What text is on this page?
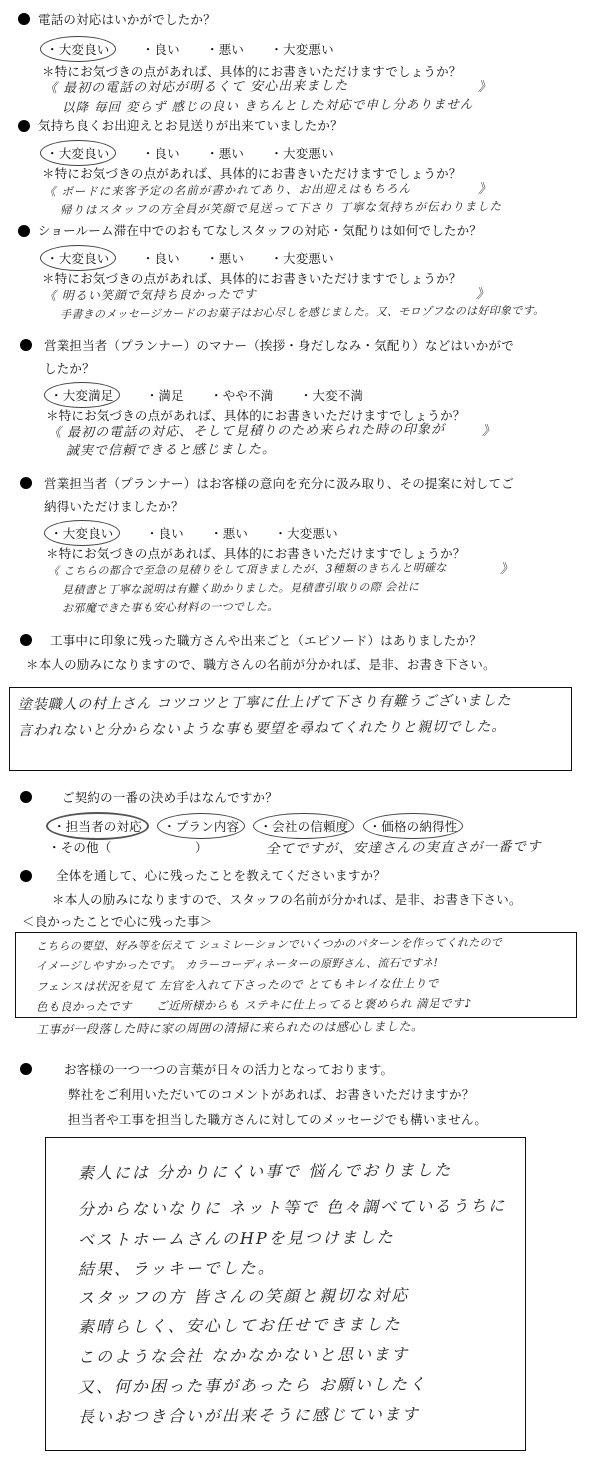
電話の対応はいかがでしたか？
・大変良い	・良い ・悪い ・大変悪い
＊特にお気づきの点があれば、具体的にお書きいただけますでしょうか？
《 最初の電話の対応が明るくて 安心出来ました	》
以降 毎回 変らず 感じの良い きちんとした対応で申し分ありません
気持ち良くお出迎えとお見送りが出来ていましたか？
・大変良い	・良い ・悪い ・大変悪い
＊特にお気づきの点があれば、具体的にお書きいただけますでしょうか？
《 ボードに来客予定の名前が書かれてあり、お出迎えはもちろん	》
帰りはスタッフの方全員が笑顔で見送って下さり 丁寧な気持ちが伝わりました
ショールーム滞在中でのおもてなしスタッフの対応・気配りは如何でしたか？
・大変良い	・良い ・悪い ・大変悪い
＊特にお気づきの点があれば、具体的にお書きいただけますでしょうか？
《 明るい笑顔で気持ち良かったです	》
手書きのメッセージカードのお菓子はお心尽しを感じました。又、モロゾフなのは好印象です。
営業担当者（プランナー）のマナー（挨拶・身だしなみ・気配り）などはいかがで
したか？
・大変満足	・満足 ・やや不満 ・大変不満
＊特にお気づきの点があれば、具体的にお書きいただけますでしょうか？
《 最初の電話の対応、そして見積りのため来られた時の印象が	》
誠実で信頼できると感じました。
営業担当者（プランナー）はお客様の意向を充分に汲み取り、その提案に対してご
納得いただけましたか？
・大変良い	・良い ・悪い ・大変悪い
＊特にお気づきの点があれば、具体的にお書きいただけますでしょうか？
《 こちらの都合で至急の見積りをして頂きましたが、3種類のきちんと明確な	》
見積書と丁寧な説明は有難く助かりました。見積書引取りの際 会社に
お邪魔できた事も安心材料の一つでした。
工事中に印象に残った職方さんや出来ごと（エピソード）はありましたか？
＊本人の励みになりますので、職方さんの名前が分かれば、是非、お書き下さい。
塗装職人の村上さん コツコツと丁寧に仕上げて下さり有難うございました
言われないと分からないような事も要望を尋ねてくれたりと親切でした。
ご契約の一番の決め手はなんですか？
・担当者の対応 ・プラン内容 ・会社の信頼度 ・価格の納得性
・その他（	）	全てですが、安達さんの実直さが一番です
全体を通して、心に残ったことを教えてくださいますか？
＊本人の励みになりますので、スタッフの名前が分かれば、是非、お書き下さい。
＜良かったことで心に残った事＞
こちらの要望、好み等を伝えて シュミレーションでいくつかのパターンを作ってくれたので
イメージしやすかったです。 カラーコーディネーターの原野さん、流石ですネ!
フェンスは状況を見て 左官を入れて下さったので とてもキレイな仕上りで
色も良かったです　　ご近所様からも ステキに仕上ってると褒められ 満足です♪
工事が一段落した時に家の周囲の清掃に来られたのは感心しました。
お客様の一つ一つの言葉が日々の活力となっております。
弊社をご利用いただいてのコメントがあれば、お書きいただけますか？
担当者や工事を担当した職方さんに対してのメッセージでも構いません。
素人には 分かりにくい事で 悩んでおりました
分からないなりに ネット等で 色々調べているうちに
ベストホームさんのHPを見つけました
結果、ラッキーでした。
スタッフの方 皆さんの笑顔と親切な対応
素晴らしく、安心してお任せできました
このような会社 なかなかないと思います
又、何か困った事があったら お願いしたく
長いおつき合いが出来そうに感じています
